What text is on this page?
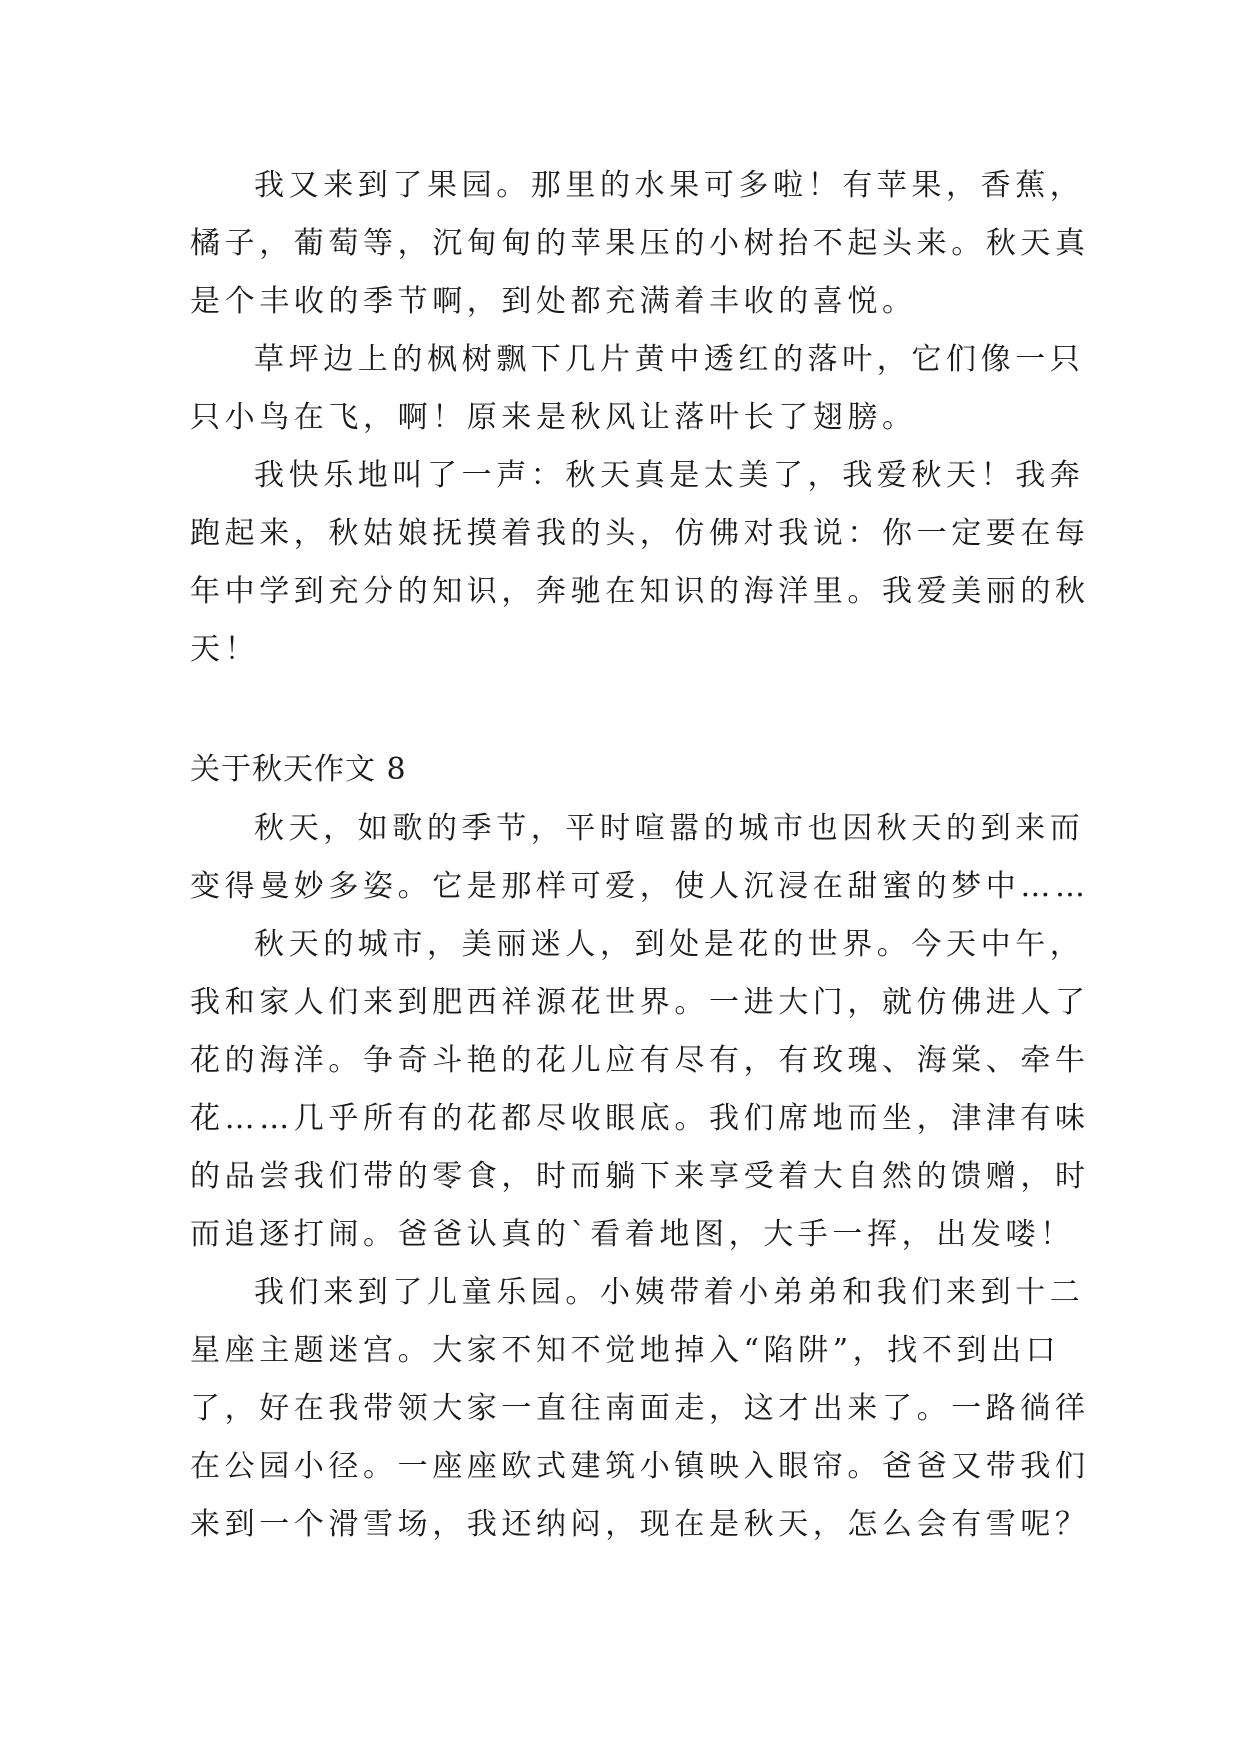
我又来到了果园。那里的水果可多啦！有苹果，香蕉，
橘子，葡萄等，沉甸甸的苹果压的小树抬不起头来。秋天真
是个丰收的季节啊，到处都充满着丰收的喜悦。
草坪边上的枫树飘下几片黄中透红的落叶，它们像一只
只小鸟在飞，啊！原来是秋风让落叶长了翅膀。
我快乐地叫了一声：秋天真是太美了，我爱秋天！我奔
跑起来，秋姑娘抚摸着我的头，仿佛对我说：你一定要在每
年中学到充分的知识，奔驰在知识的海洋里。我爱美丽的秋
天！
关于秋天作文 8
秋天，如歌的季节，平时喧嚣的城市也因秋天的到来而
变得曼妙多姿。它是那样可爱，使人沉浸在甜蜜的梦中……
秋天的城市，美丽迷人，到处是花的世界。今天中午，
我和家人们来到肥西祥源花世界。一进大门，就仿佛进人了
花的海洋。争奇斗艳的花儿应有尽有，有玫瑰、海棠、牵牛
花……几乎所有的花都尽收眼底。我们席地而坐，津津有味
的品尝我们带的零食，时而躺下来享受着大自然的馈赠，时
而追逐打闹。爸爸认真的`看着地图，大手一挥，出发喽！
我们来到了儿童乐园。小姨带着小弟弟和我们来到十二
星座主题迷宫。大家不知不觉地掉入“陷阱”，找不到出口
了，好在我带领大家一直往南面走，这才出来了。一路徜徉
在公园小径。一座座欧式建筑小镇映入眼帘。爸爸又带我们
来到一个滑雪场，我还纳闷，现在是秋天，怎么会有雪呢？
